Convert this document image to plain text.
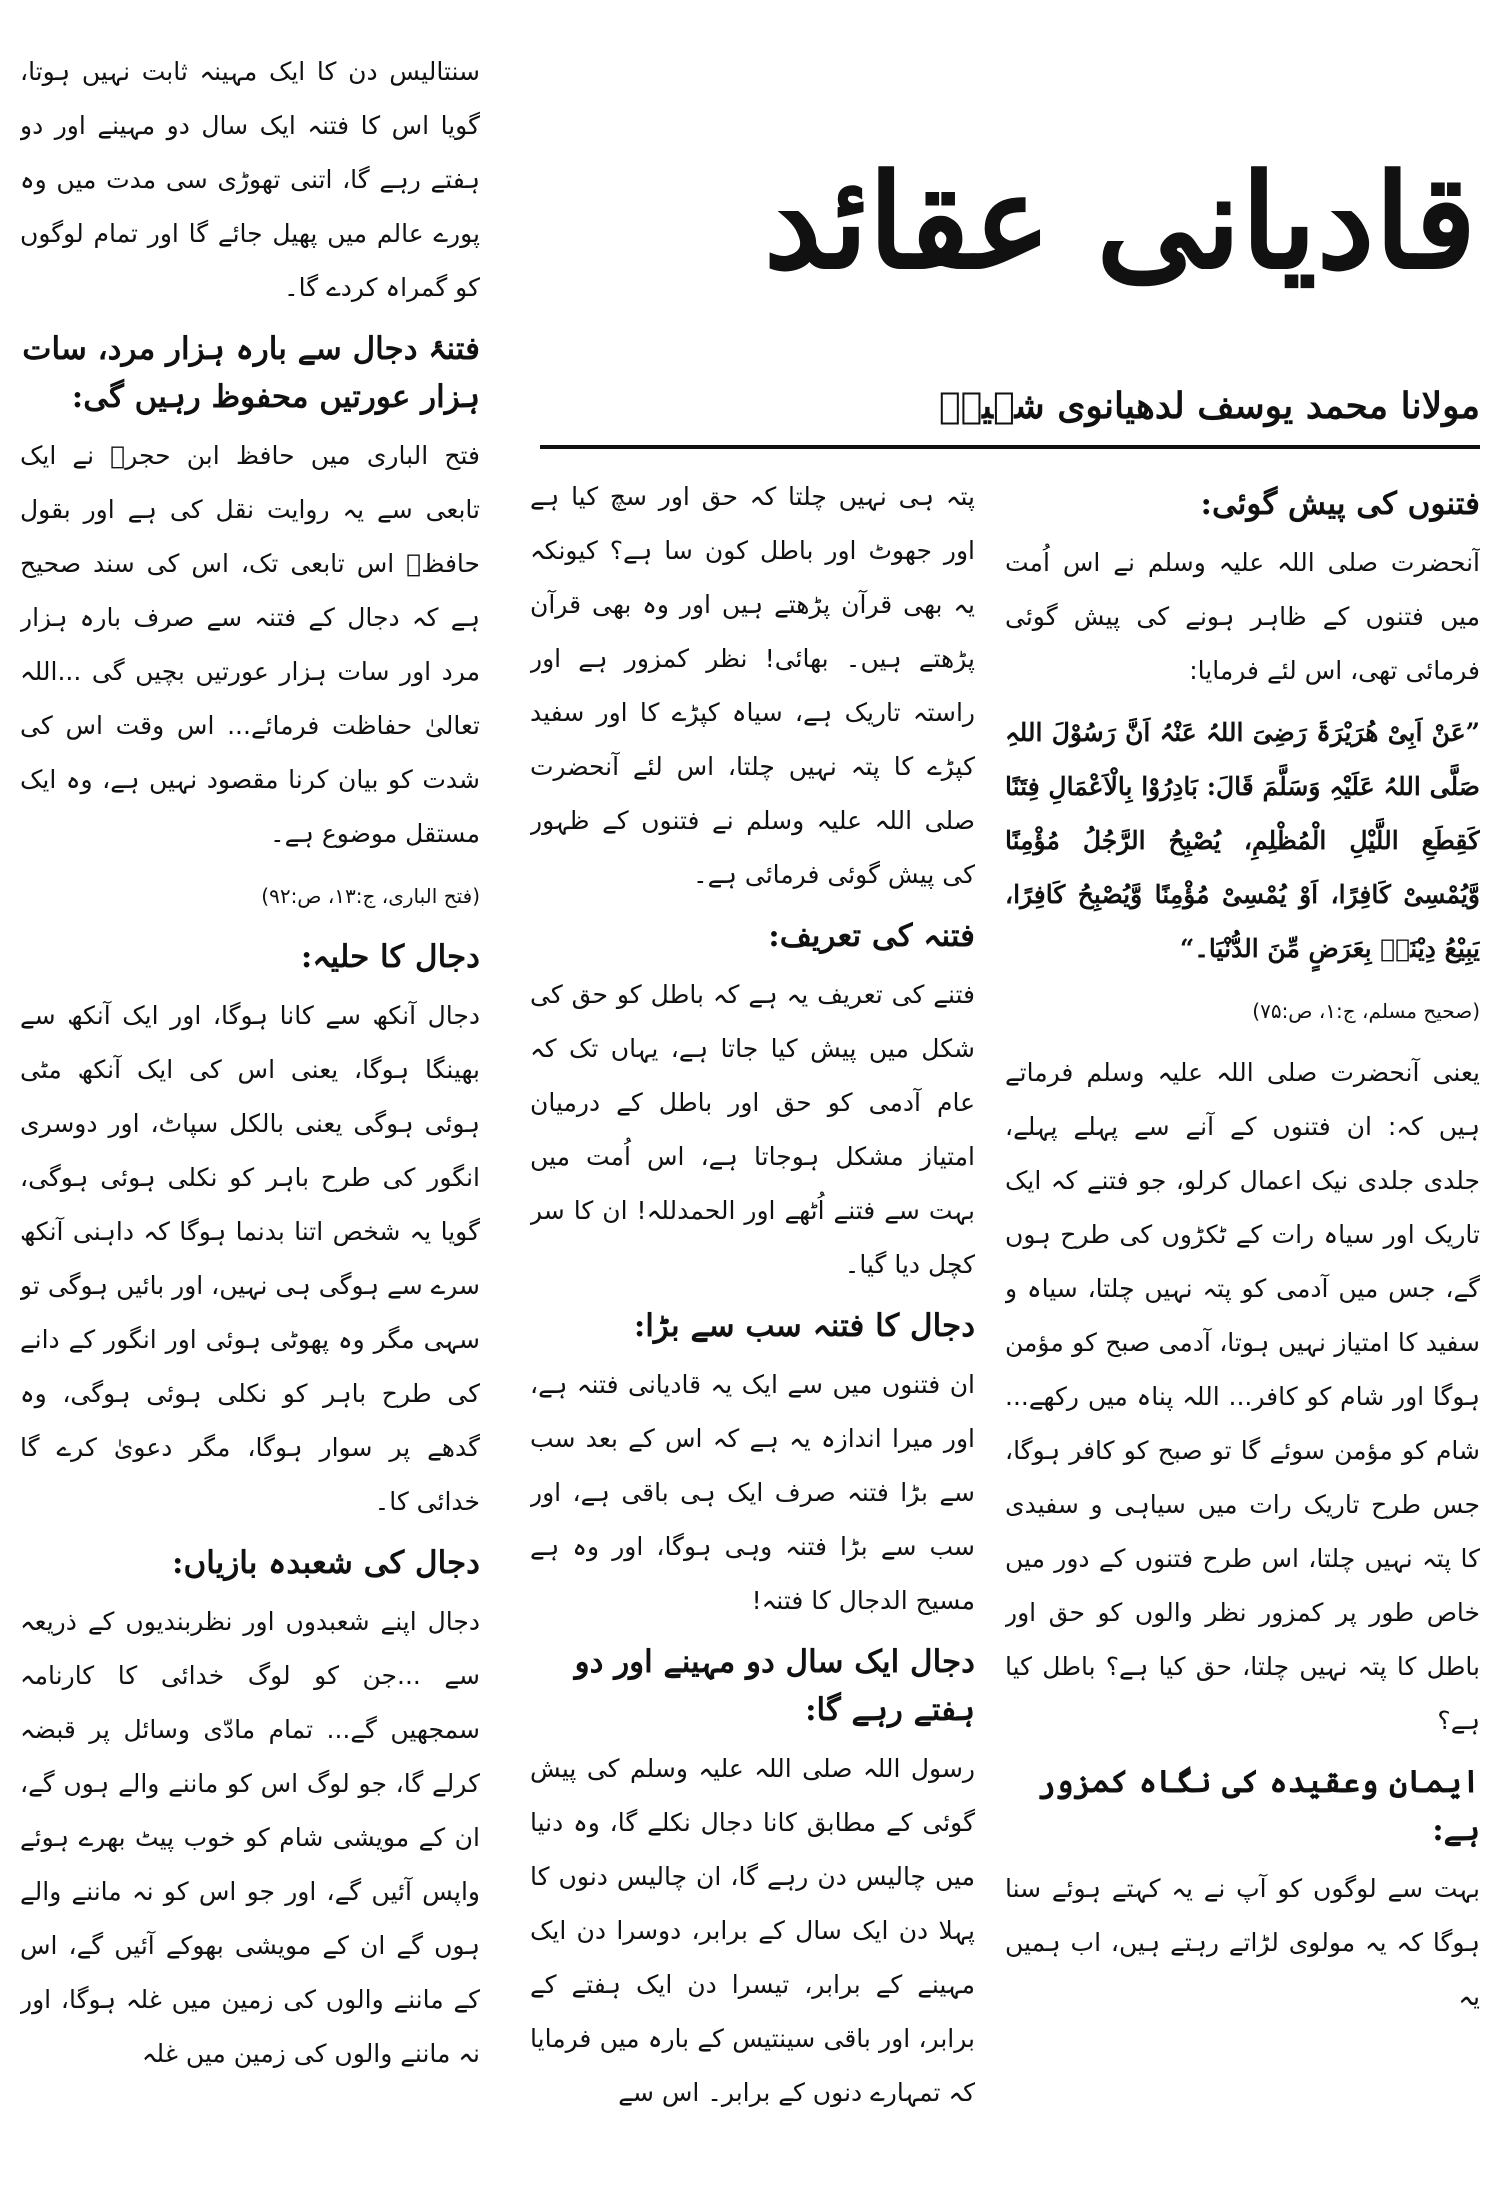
قادیانی عقائد
مولانا محمد یوسف لدھیانوی شہیدؒ
فتنوں کی پیش گوئی:

آنحضرت صلی اللہ علیہ وسلم نے اس اُمت میں فتنوں کے ظاہر ہونے کی پیش گوئی فرمائی تھی، اس لئے فرمایا:

”عَنْ اَبِیْ ھُرَیْرَۃَ رَضِیَ اللہُ عَنْہُ اَنَّ رَسُوْلَ اللہِ صَلَّی اللہُ عَلَیْہِ وَسَلَّمَ قَالَ: بَادِرُوْا بِالْاَعْمَالِ فِتَنًا کَقِطَعِ اللَّیْلِ الْمُظْلِمِ، یُصْبِحُ الرَّجُلُ مُؤْمِنًا وَّیُمْسِیْ کَافِرًا، اَوْ یُمْسِیْ مُؤْمِنًا وَّیُصْبِحُ کَافِرًا، یَبِیْعُ دِیْنَہٗ بِعَرَضٍ مِّنَ الدُّنْیَا۔“

(صحیح مسلم، ج:۱، ص:۷۵)

یعنی آنحضرت صلی اللہ علیہ وسلم فرماتے ہیں کہ: ان فتنوں کے آنے سے پہلے پہلے، جلدی جلدی نیک اعمال کرلو، جو فتنے کہ ایک تاریک اور سیاہ رات کے ٹکڑوں کی طرح ہوں گے، جس میں آدمی کو پتہ نہیں چلتا، سیاہ و سفید کا امتیاز نہیں ہوتا، آدمی صبح کو مؤمن ہوگا اور شام کو کافر... اللہ پناہ میں رکھے... شام کو مؤمن سوئے گا تو صبح کو کافر ہوگا، جس طرح تاریک رات میں سیاہی و سفیدی کا پتہ نہیں چلتا، اس طرح فتنوں کے دور میں خاص طور پر کمزور نظر والوں کو حق اور باطل کا پتہ نہیں چلتا، حق کیا ہے؟ باطل کیا ہے؟

ایمان وعقیدہ کی نگاہ کمزور ہے:

بہت سے لوگوں کو آپ نے یہ کہتے ہوئے سنا ہوگا کہ یہ مولوی لڑاتے رہتے ہیں، اب ہمیں یہ

پتہ ہی نہیں چلتا کہ حق اور سچ کیا ہے اور جھوٹ اور باطل کون سا ہے؟ کیونکہ یہ بھی قرآن پڑھتے ہیں اور وہ بھی قرآن پڑھتے ہیں۔ بھائی! نظر کمزور ہے اور راستہ تاریک ہے، سیاہ کپڑے کا اور سفید کپڑے کا پتہ نہیں چلتا، اس لئے آنحضرت صلی اللہ علیہ وسلم نے فتنوں کے ظہور کی پیش گوئی فرمائی ہے۔

فتنہ کی تعریف:

فتنے کی تعریف یہ ہے کہ باطل کو حق کی شکل میں پیش کیا جاتا ہے، یہاں تک کہ عام آدمی کو حق اور باطل کے درمیان امتیاز مشکل ہوجاتا ہے، اس اُمت میں بہت سے فتنے اُٹھے اور الحمدللہ! ان کا سر کچل دیا گیا۔

دجال کا فتنہ سب سے بڑا:

ان فتنوں میں سے ایک یہ قادیانی فتنہ ہے، اور میرا اندازہ یہ ہے کہ اس کے بعد سب سے بڑا فتنہ صرف ایک ہی باقی ہے، اور سب سے بڑا فتنہ وہی ہوگا، اور وہ ہے مسیح الدجال کا فتنہ!

دجال ایک سال دو مہینے اور دو ہفتے رہے گا:

رسول اللہ صلی اللہ علیہ وسلم کی پیش گوئی کے مطابق کانا دجال نکلے گا، وہ دنیا میں چالیس دن رہے گا، ان چالیس دنوں کا پہلا دن ایک سال کے برابر، دوسرا دن ایک مہینے کے برابر، تیسرا دن ایک ہفتے کے برابر، اور باقی سینتیس کے بارہ میں فرمایا کہ تمہارے دنوں کے برابر۔ اس سے

سنتالیس دن کا ایک مہینہ ثابت نہیں ہوتا، گویا اس کا فتنہ ایک سال دو مہینے اور دو ہفتے رہے گا، اتنی تھوڑی سی مدت میں وہ پورے عالم میں پھیل جائے گا اور تمام لوگوں کو گمراہ کردے گا۔

فتنۂ دجال سے بارہ ہزار مرد، سات ہزار عورتیں محفوظ رہیں گی:

فتح الباری میں حافظ ابن حجرؒ نے ایک تابعی سے یہ روایت نقل کی ہے اور بقول حافظؒ اس تابعی تک، اس کی سند صحیح ہے کہ دجال کے فتنہ سے صرف بارہ ہزار مرد اور سات ہزار عورتیں بچیں گی ...اللہ تعالیٰ حفاظت فرمائے... اس وقت اس کی شدت کو بیان کرنا مقصود نہیں ہے، وہ ایک مستقل موضوع ہے۔

(فتح الباری، ج:۱۳، ص:۹۲)

دجال کا حلیہ:

دجال آنکھ سے کانا ہوگا، اور ایک آنکھ سے بھینگا ہوگا، یعنی اس کی ایک آنکھ مٹی ہوئی ہوگی یعنی بالکل سپاٹ، اور دوسری انگور کی طرح باہر کو نکلی ہوئی ہوگی، گویا یہ شخص اتنا بدنما ہوگا کہ داہنی آنکھ سرے سے ہوگی ہی نہیں، اور بائیں ہوگی تو سہی مگر وہ پھوٹی ہوئی اور انگور کے دانے کی طرح باہر کو نکلی ہوئی ہوگی، وہ گدھے پر سوار ہوگا، مگر دعویٰ کرے گا خدائی کا۔

دجال کی شعبدہ بازیاں:

دجال اپنے شعبدوں اور نظربندیوں کے ذریعہ سے ...جن کو لوگ خدائی کا کارنامہ سمجھیں گے... تمام مادّی وسائل پر قبضہ کرلے گا، جو لوگ اس کو ماننے والے ہوں گے، ان کے مویشی شام کو خوب پیٹ بھرے ہوئے واپس آئیں گے، اور جو اس کو نہ ماننے والے ہوں گے ان کے مویشی بھوکے آئیں گے، اس کے ماننے والوں کی زمین میں غلہ ہوگا، اور نہ ماننے والوں کی زمین میں غلہ
